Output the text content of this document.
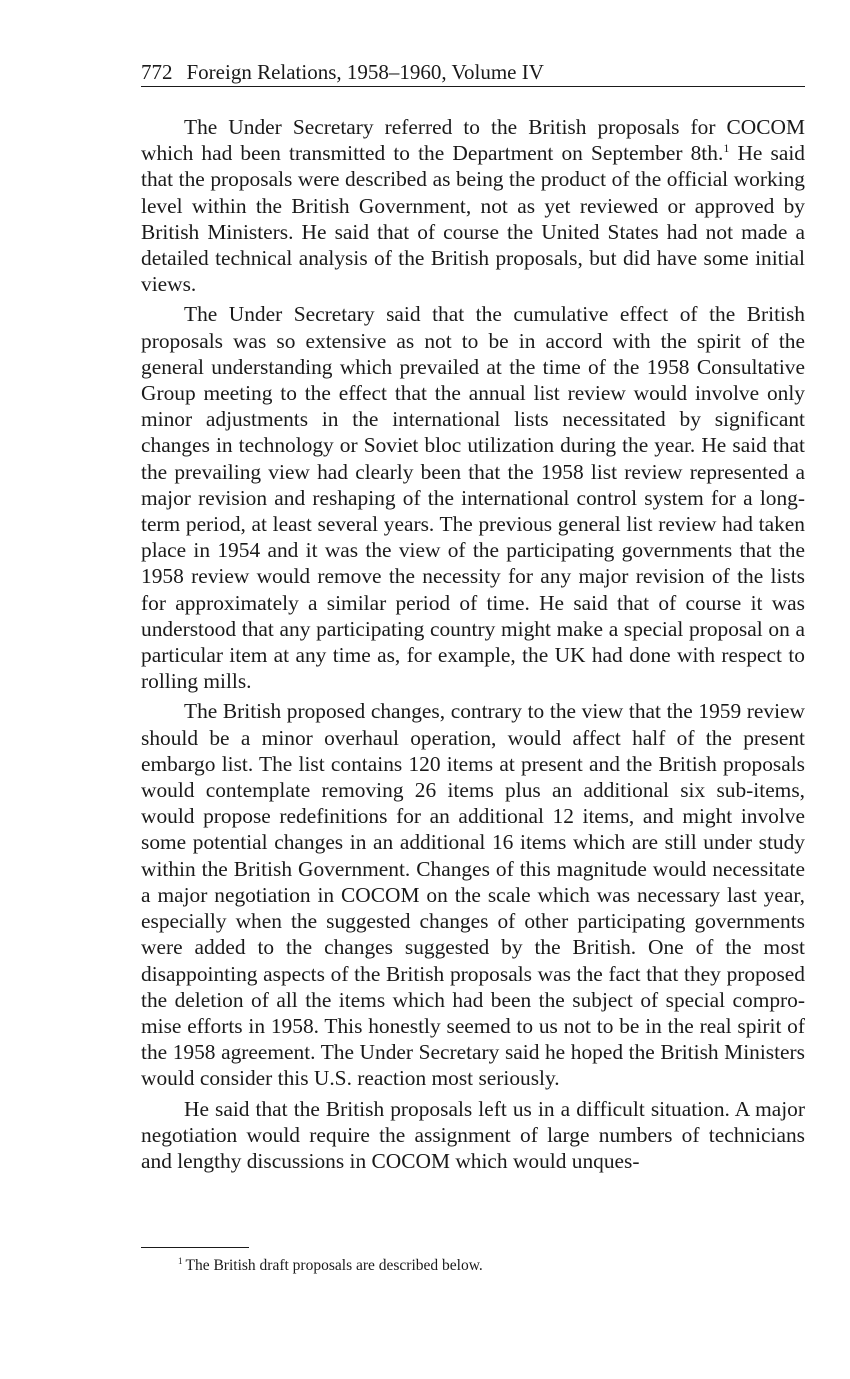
772 Foreign Relations, 1958–1960, Volume IV

The Under Secretary referred to the British proposals for COCOM which had been transmitted to the Department on September 8th.$^1$ He said that the proposals were described as being the product of the official working level within the British Government, not as yet reviewed or approved by British Ministers. He said that of course the United States had not made a detailed technical analysis of the British proposals, but did have some initial views.

The Under Secretary said that the cumulative effect of the British proposals was so extensive as not to be in accord with the spirit of the general understanding which prevailed at the time of the 1958 Consultative Group meeting to the effect that the annual list review would involve only minor adjustments in the international lists necessitated by significant changes in technology or Soviet bloc utilization during the year. He said that the prevailing view had clearly been that the 1958 list review represented a major revision and reshaping of the international control system for a long-term period, at least several years. The previous general list review had taken place in 1954 and it was the view of the participating governments that the 1958 review would remove the necessity for any major revision of the lists for approximately a similar period of time. He said that of course it was understood that any participating country might make a special proposal on a particular item at any time as, for example, the UK had done with respect to rolling mills.

The British proposed changes, contrary to the view that the 1959 review should be a minor overhaul operation, would affect half of the present embargo list. The list contains 120 items at present and the British proposals would contemplate removing 26 items plus an additional six sub-items, would propose redefinitions for an additional 12 items, and might involve some potential changes in an additional 16 items which are still under study within the British Government. Changes of this magnitude would necessitate a major negotiation in COCOM on the scale which was necessary last year, especially when the suggested changes of other participating governments were added to the changes suggested by the British. One of the most disappointing aspects of the British proposals was the fact that they proposed the deletion of all the items which had been the subject of special compromise efforts in 1958. This honestly seemed to us not to be in the real spirit of the 1958 agreement. The Under Secretary said he hoped the British Ministers would consider this U.S. reaction most seriously.

He said that the British proposals left us in a difficult situation. A major negotiation would require the assignment of large numbers of technicians and lengthy discussions in COCOM which would unques-

$^1$ The British draft proposals are described below.
